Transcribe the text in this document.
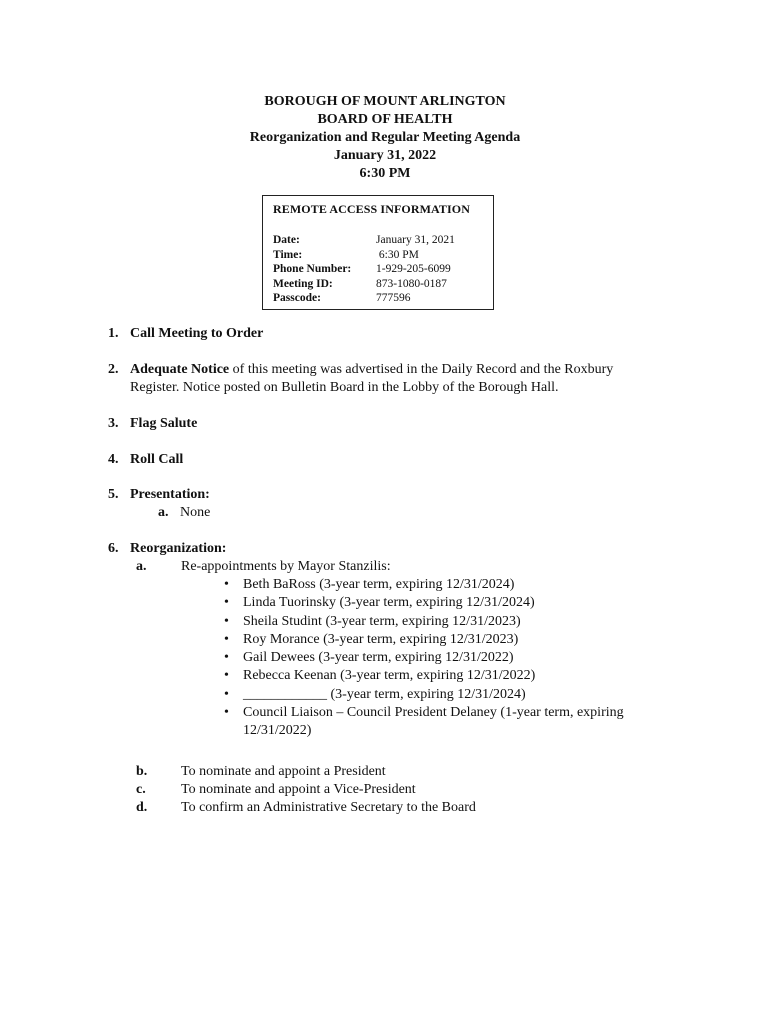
BOROUGH OF MOUNT ARLINGTON
BOARD OF HEALTH
Reorganization and Regular Meeting Agenda
January 31, 2022
6:30 PM
REMOTE ACCESS INFORMATION
Date:	January 31, 2021
Time:	6:30 PM
Phone Number:	1-929-205-6099
Meeting ID:	873-1080-0187
Passcode:	777596
1. Call Meeting to Order
2. Adequate Notice of this meeting was advertised in the Daily Record and the Roxbury
Register. Notice posted on Bulletin Board in the Lobby of the Borough Hall.
3. Flag Salute
4. Roll Call
5. Presentation:
a. None
6. Reorganization:
a. Re-appointments by Mayor Stanzilis:
• Beth BaRoss (3-year term, expiring 12/31/2024)
• Linda Tuorinsky (3-year term, expiring 12/31/2024)
• Sheila Studint (3-year term, expiring 12/31/2023)
• Roy Morance (3-year term, expiring 12/31/2023)
• Gail Dewees (3-year term, expiring 12/31/2022)
• Rebecca Keenan (3-year term, expiring 12/31/2022)
• ____________ (3-year term, expiring 12/31/2024)
• Council Liaison – Council President Delaney (1-year term, expiring 12/31/2022)
b. To nominate and appoint a President
c.	To nominate and appoint a Vice-President
d. To confirm an Administrative Secretary to the Board
